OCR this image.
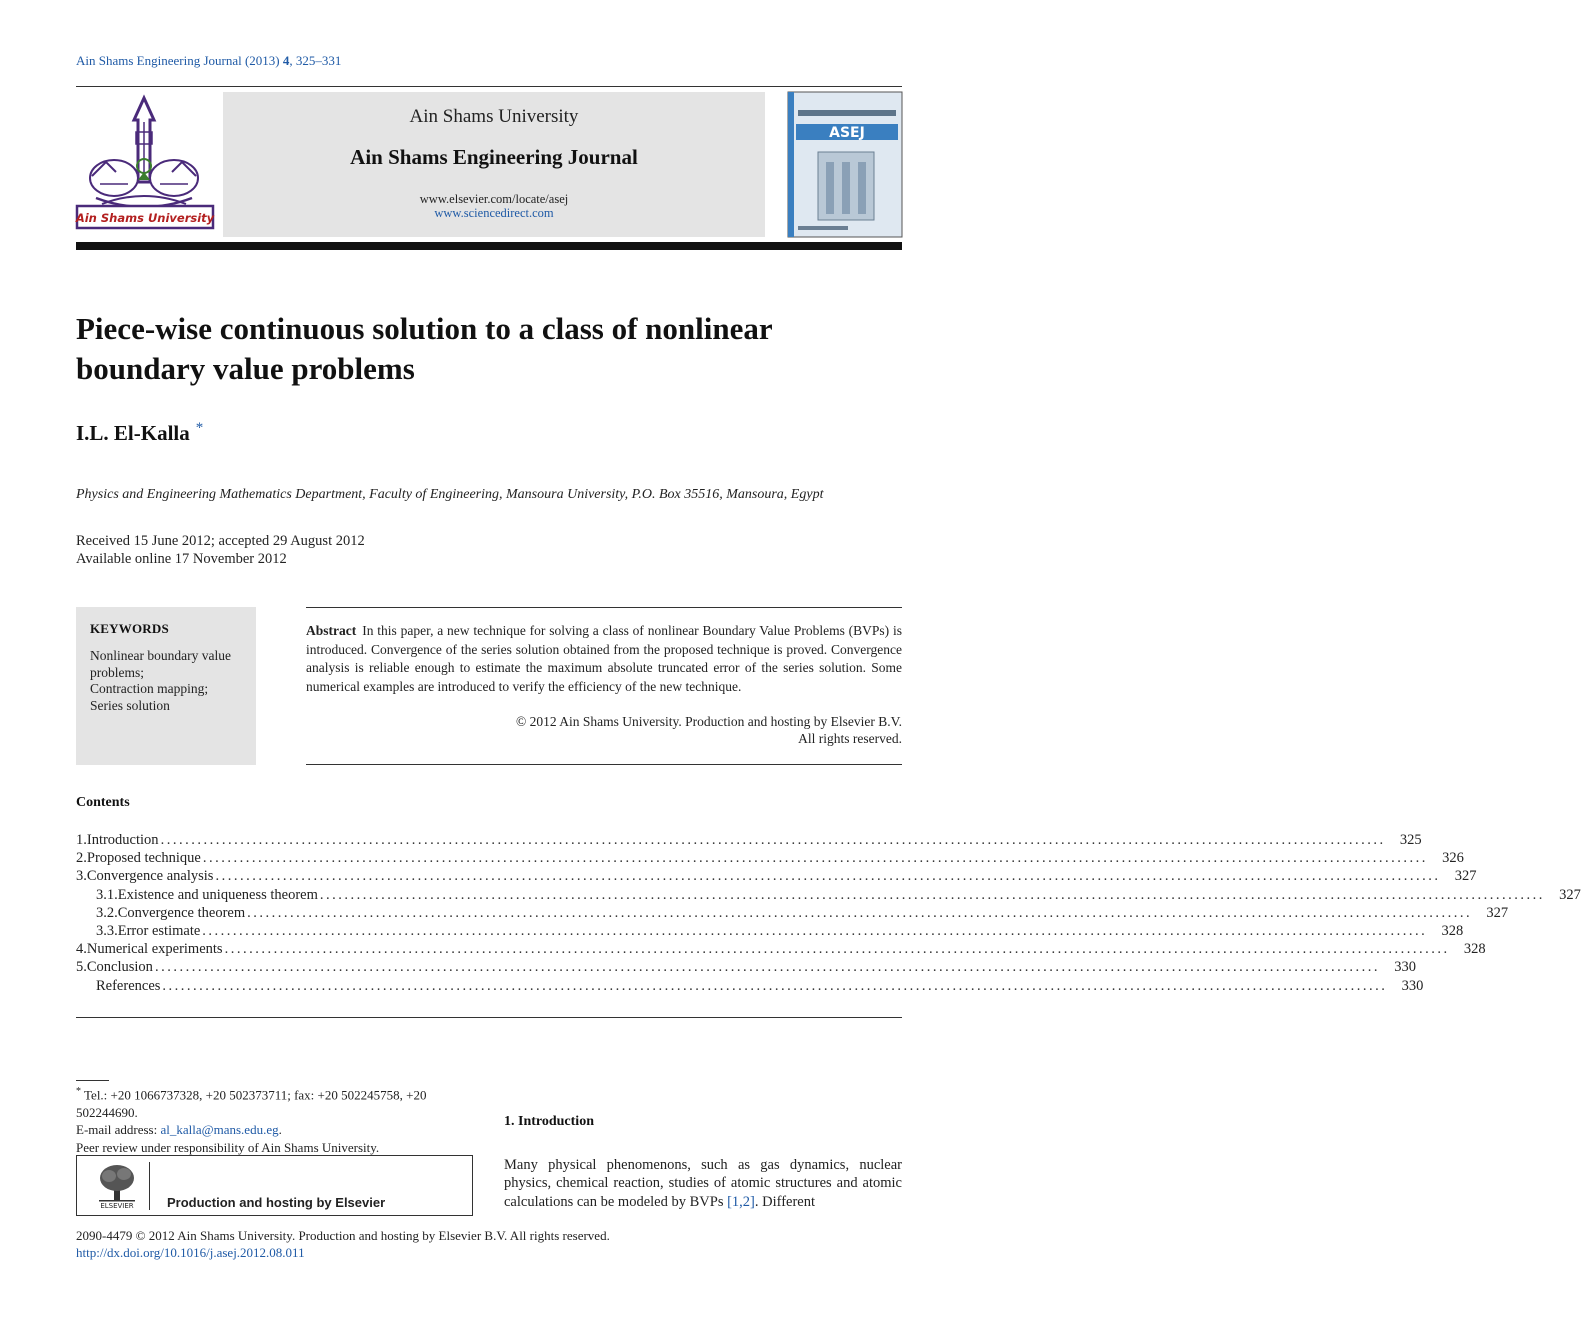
Ain Shams Engineering Journal (2013) 4, 325–331
Ain Shams University
Ain Shams University
Ain Shams Engineering Journal
www.elsevier.com/locate/asej
www.sciencedirect.com
ASEJ
Piece-wise continuous solution to a class of nonlinear boundary value problems
I.L. El-Kalla *
Physics and Engineering Mathematics Department, Faculty of Engineering, Mansoura University, P.O. Box 35516, Mansoura, Egypt
Received 15 June 2012; accepted 29 August 2012
Available online 17 November 2012
KEYWORDS
Nonlinear boundary value problems;
Contraction mapping;
Series solution
Abstract In this paper, a new technique for solving a class of nonlinear Boundary Value Problems (BVPs) is introduced. Convergence of the series solution obtained from the proposed technique is proved. Convergence analysis is reliable enough to estimate the maximum absolute truncated error of the series solution. Some numerical examples are introduced to verify the efficiency of the new technique.
© 2012 Ain Shams University. Production and hosting by Elsevier B.V.
All rights reserved.
Contents
1. Introduction ........................................................................................................................................................................................................ 325
2. Proposed technique ........................................................................................................................................................................................................ 326
3. Convergence analysis ........................................................................................................................................................................................................ 327
3.1. Existence and uniqueness theorem ........................................................................................................................................................................................................ 327
3.2. Convergence theorem ........................................................................................................................................................................................................ 327
3.3. Error estimate ........................................................................................................................................................................................................ 328
4. Numerical experiments ........................................................................................................................................................................................................ 328
5. Conclusion ........................................................................................................................................................................................................ 330
References ........................................................................................................................................................................................................ 330
* Tel.: +20 1066737328, +20 502373711; fax: +20 502245758, +20 502244690.
E-mail address: al_kalla@mans.edu.eg.
Peer review under responsibility of Ain Shams University.
ELSEVIER	Production and hosting by Elsevier
1. Introduction
Many physical phenomenons, such as gas dynamics, nuclear physics, chemical reaction, studies of atomic structures and atomic calculations can be modeled by BVPs [1,2]. Different
2090-4479 © 2012 Ain Shams University. Production and hosting by Elsevier B.V. All rights reserved.
http://dx.doi.org/10.1016/j.asej.2012.08.011
